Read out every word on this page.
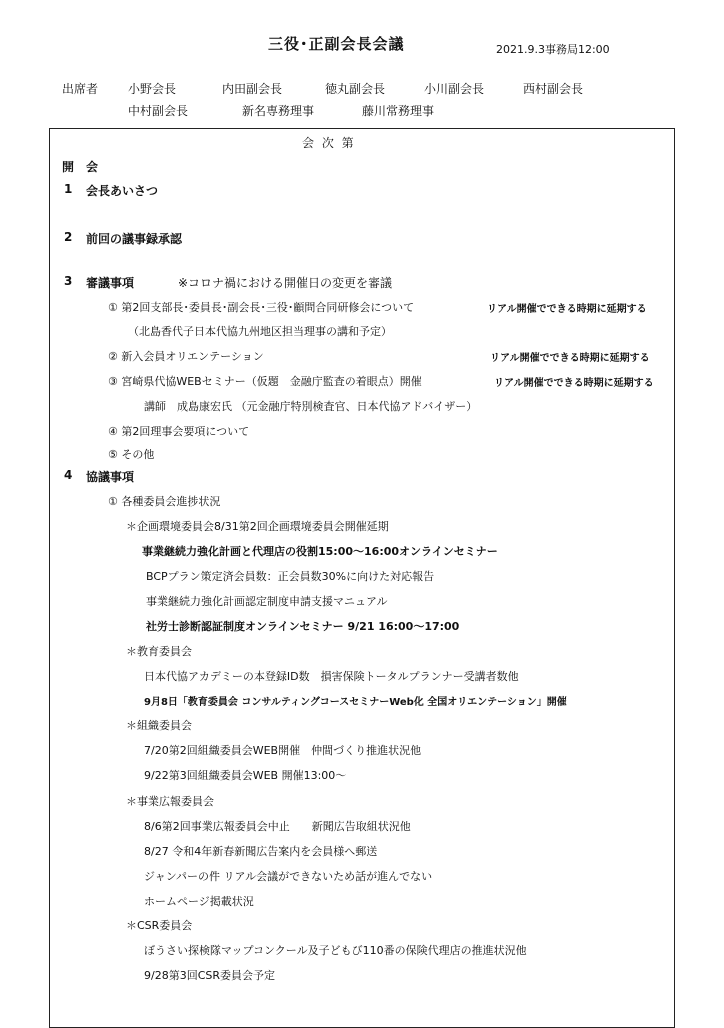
三役･正副会長会議	2021.9.3事務局12:00
出席者 小野会長	内田副会長	徳丸副会長	小川副会長	西村副会長
中村副会長	新名専務理事	藤川常務理事
会 次 第
開　会
1 会長あいさつ
2 前回の議事録承認
3 審議事項	※コロナ禍における開催日の変更を審議
① 第2回支部長･委員長･副会長･三役･顧問合同研修会について	リアル開催でできる時期に延期する
（北島香代子日本代協九州地区担当理事の講和予定）
② 新入会員オリエンテーション	リアル開催でできる時期に延期する
③ 宮崎県代協WEBセミナー（仮題　金融庁監査の着眼点）開催	リアル開催でできる時期に延期する
講師　成島康宏氏 （元金融庁特別検査官、日本代協アドバイザー）
④ 第2回理事会要項について
⑤ その他
4 協議事項
① 各種委員会進捗状況
＊企画環境委員会8/31第2回企画環境委員会開催延期
事業継続力強化計画と代理店の役割15:00～16:00オンラインセミナー
BCPプラン策定済会員数：正会員数30%に向けた対応報告
事業継続力強化計画認定制度申請支援マニュアル
社労士診断認証制度オンラインセミナー 9/21 16:00～17:00
＊教育委員会
日本代協アカデミーの本登録ID数　損害保険トータルプランナー受講者数他
9月8日「教育委員会 コンサルティングコースセミナーWeb化 全国オリエンテーション」開催
＊組織委員会
7/20第2回組織委員会WEB開催　仲間づくり推進状況他
9/22第3回組織委員会WEB 開催13:00～
＊事業広報委員会
8/6第2回事業広報委員会中止　　新聞広告取組状況他
8/27 令和4年新春新聞広告案内を会員様へ郵送
ジャンパーの件 リアル会議ができないため話が進んでない
ホームページ掲載状況
＊CSR委員会
ぼうさい探検隊マップコンクール及子どもび110番の保険代理店の推進状況他
9/28第3回CSR委員会予定
